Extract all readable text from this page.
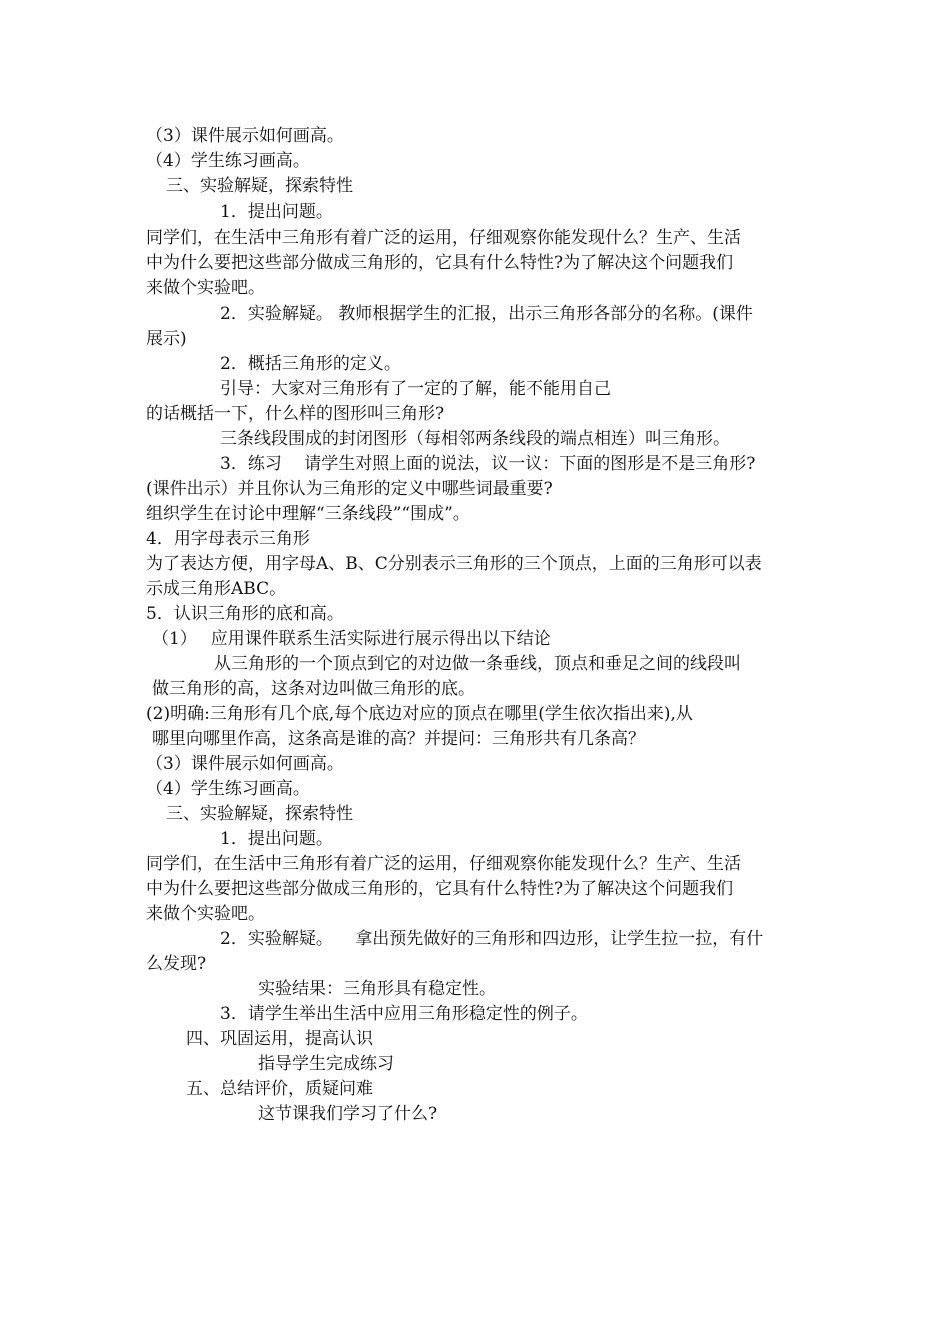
（3）课件展示如何画高。
（4）学生练习画高。
三、实验解疑，探索特性
1．提出问题。
同学们，在生活中三角形有着广泛的运用，仔细观察你能发现什么？生产、生活
中为什么要把这些部分做成三角形的，它具有什么特性?为了解决这个问题我们
来做个实验吧。
2．实验解疑。 教师根据学生的汇报，出示三角形各部分的名称。(课件
展示)
2．概括三角形的定义。
引导：大家对三角形有了一定的了解，能不能用自己
的话概括一下，什么样的图形叫三角形?
三条线段围成的封闭图形（每相邻两条线段的端点相连）叫三角形。
3．练习 　请学生对照上面的说法，议一议：下面的图形是不是三角形?
(课件出示）并且你认为三角形的定义中哪些词最重要?
组织学生在讨论中理解“三条线段”“围成”。
4．用字母表示三角形
为了表达方便，用字母A、B、C分别表示三角形的三个顶点，上面的三角形可以表
示成三角形ABC。
5．认识三角形的底和高。
（1）　 应用课件联系生活实际进行展示得出以下结论
从三角形的一个顶点到它的对边做一条垂线，顶点和垂足之间的线段叫
做三角形的高，这条对边叫做三角形的底。
(2)明确:三角形有几个底,每个底边对应的顶点在哪里(学生依次指出来),从
哪里向哪里作高，这条高是谁的高？并提问：三角形共有几条高？
（3）课件展示如何画高。
（4）学生练习画高。
三、实验解疑，探索特性
1．提出问题。
同学们，在生活中三角形有着广泛的运用，仔细观察你能发现什么？生产、生活
中为什么要把这些部分做成三角形的，它具有什么特性?为了解决这个问题我们
来做个实验吧。
2．实验解疑。 　拿出预先做好的三角形和四边形，让学生拉一拉，有什
么发现?
实验结果：三角形具有稳定性。
3．请学生举出生活中应用三角形稳定性的例子。
四、巩固运用，提高认识
指导学生完成练习
五、总结评价，质疑问难
这节课我们学习了什么?
